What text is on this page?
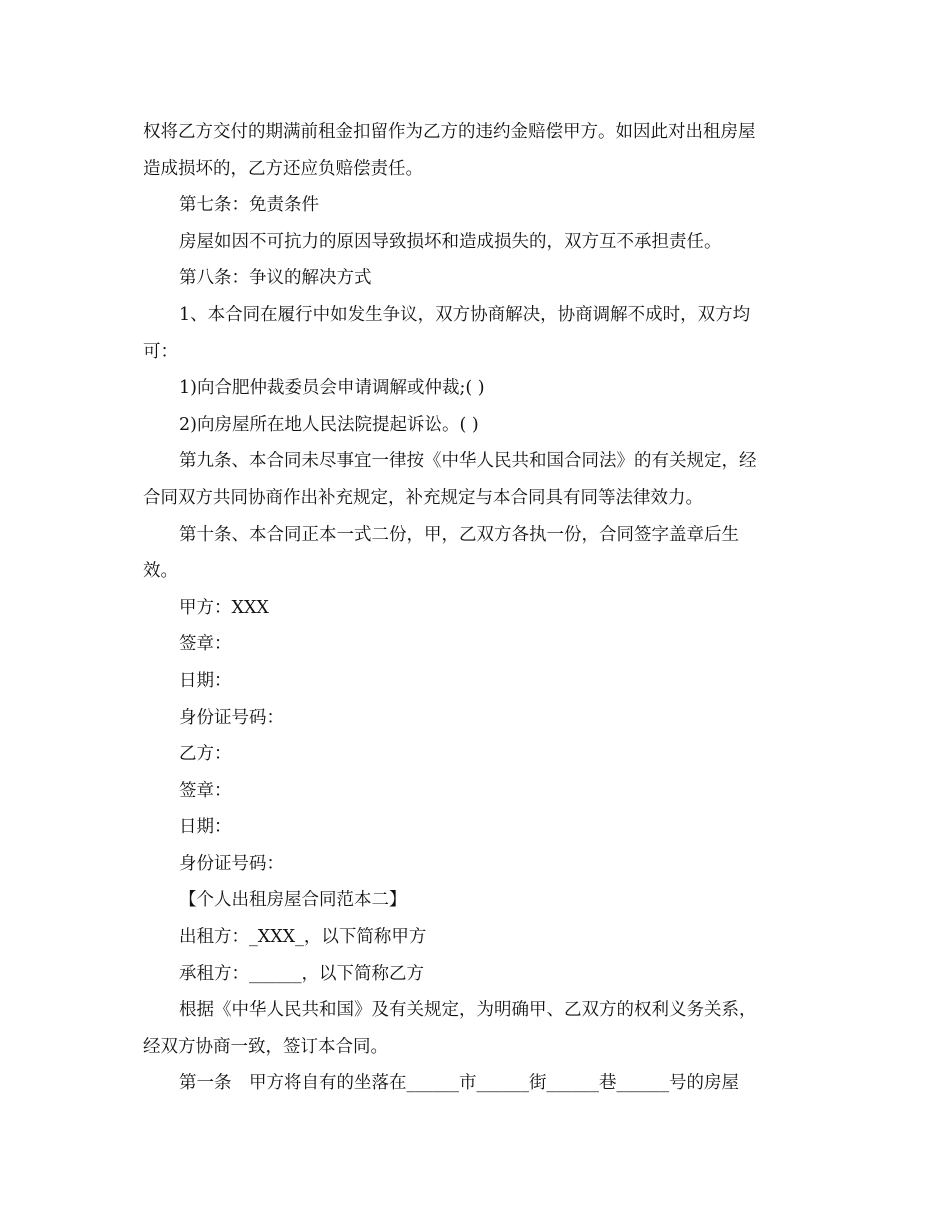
权将乙方交付的期满前租金扣留作为乙方的违约金赔偿甲方。如因此对出租房屋
造成损坏的，乙方还应负赔偿责任。
第七条：免责条件
房屋如因不可抗力的原因导致损坏和造成损失的，双方互不承担责任。
第八条：争议的解决方式
1、本合同在履行中如发生争议，双方协商解决，协商调解不成时，双方均
可：
1)向合肥仲裁委员会申请调解或仲裁;( )
2)向房屋所在地人民法院提起诉讼。( )
第九条、本合同未尽事宜一律按《中华人民共和国合同法》的有关规定，经
合同双方共同协商作出补充规定，补充规定与本合同具有同等法律效力。
第十条、本合同正本一式二份，甲，乙双方各执一份，合同签字盖章后生
效。
甲方：XXX
签章：
日期：
身份证号码：
乙方：
签章：
日期：
身份证号码：
【个人出租房屋合同范本二】
出租方：_XXX_，以下简称甲方
承租方：______，以下简称乙方
根据《中华人民共和国》及有关规定，为明确甲、乙双方的权利义务关系，
经双方协商一致，签订本合同。
第一条　甲方将自有的坐落在______市______街______巷______号的房屋
